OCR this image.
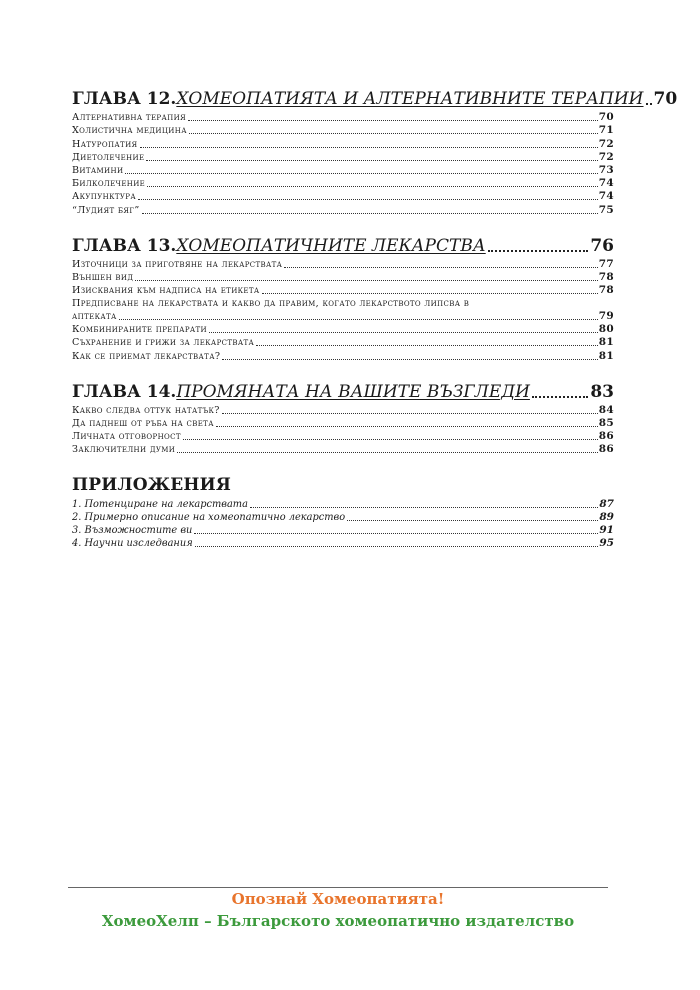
ГЛАВА 12 . ХОМЕОПАТИЯТА И АЛТЕРНАТИВНИТЕ ТЕРАПИИ 70
Алтернативна терапия	70
Холистична медицина	71
Натуропатия	72
Диетолечение	72
Витамини	73
Билколечение	74
Акупунктура	74
“Лудият бяг”	75
ГЛАВА 13 . ХОМЕОПАТИЧНИТЕ ЛЕКАРСТВА	76
Източници за приготвяне на лекарствата	77
Външен вид	78
Изисквания към надписа на етикета	78
Предписване на лекарствата и какво да правим, когато лекарството липсва в
аптеката	79
Комбинираните препарати	80
Съхранение и грижи за лекарствата	81
Как се приемат лекарствата?	81
ГЛАВА 14 . ПРОМЯНАТА НА ВАШИТЕ ВЪЗГЛЕДИ	83
Какво следва оттук нататък?	84
Да паднеш от ръба на света	85
Личната отговорност	86
Заключителни думи	86
ПРИЛОЖЕНИЯ
1. Потенциране на лекарствата	87
2. Примерно описание на хомеопатично лекарство	89
3. Възможностите ви	91
4. Научни изследвания	95
Опознай Хомеопатията!
ХомеоХелп – Българското хомеопатично издателство
